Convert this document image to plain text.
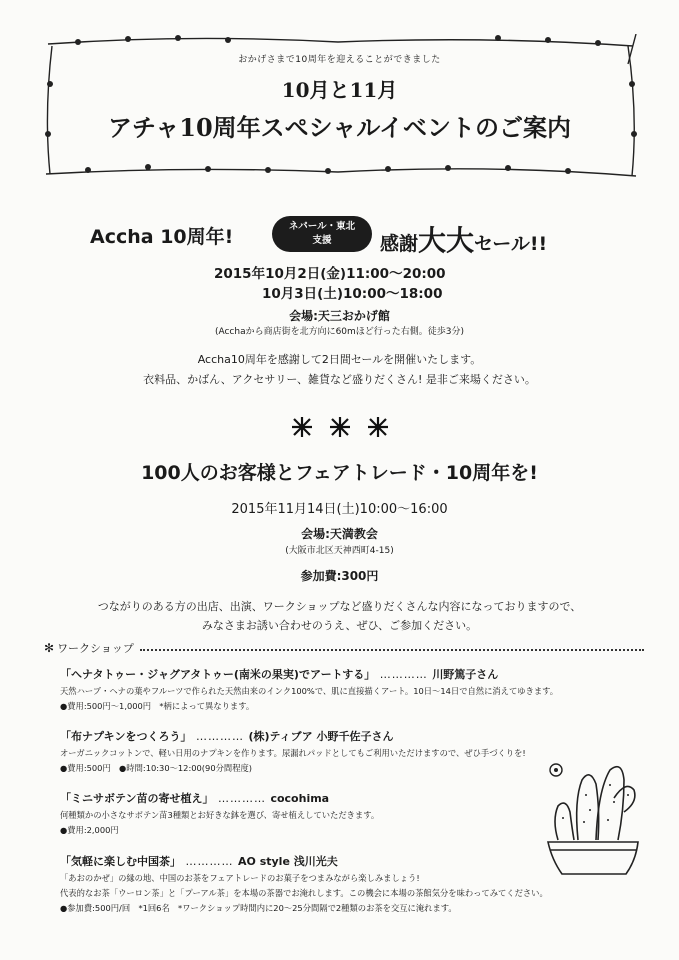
おかげさまで10周年を迎えることができました
10月と11月
アチャ10周年スペシャルイベントのご案内
Accha 10周年!	ネパール・東北
支援	感謝大大セール!!
2015年10月2日(金)11:00〜20:00
10月3日(土)10:00〜18:00
会場:天三おかげ館
(Acchaから商店街を北方向に60mほど行った右側。徒歩3分)
Accha10周年を感謝して2日間セールを開催いたします。
衣料品、かばん、アクセサリー、雑貨など盛りだくさん! 是非ご来場ください。
100人のお客様とフェアトレード・10周年を!
2015年11月14日(土)10:00〜16:00
会場:天満教会
(大阪市北区天神西町4-15)
参加費:300円
つながりのある方の出店、出演、ワークショップなど盛りだくさんな内容になっておりますので、
みなさまお誘い合わせのうえ、ぜひ、ご参加ください。
✻ ワークショップ
「ヘナタトゥー・ジャグアタトゥー(南米の果実)でアートする」 ………… 川野篤子さん
天然ハーブ・ヘナの葉やフルーツで作られた天然由来のインク100%で、肌に直接描くアート。10日〜14日で自然に消えてゆきます。
●費用:500円〜1,000円　*柄によって異なります。
「布ナプキンをつくろう」 ………… (株)ティブア 小野千佐子さん
オーガニックコットンで、軽い日用のナプキンを作ります。尿漏れパッドとしてもご利用いただけますので、ぜひ手づくりを!
●費用:500円　●時間:10:30〜12:00(90分間程度)
「ミニサボテン苗の寄せ植え」 ………… cocohima
何種類かの小さなサボテン苗3種類とお好きな鉢を選び、寄せ植えしていただきます。
●費用:2,000円
「気軽に楽しむ中国茶」 ………… AO style 浅川光夫
「あおのかぜ」の縁の地、中国のお茶をフェアトレードのお菓子をつまみながら楽しみましょう!
代表的なお茶「ウーロン茶」と「プーアル茶」を本場の茶器でお淹れします。この機会に本場の茶館気分を味わってみてください。
●参加費:500円/回　*1回6名　*ワークショップ時間内に20〜25分間隔で2種類のお茶を交互に淹れます。
